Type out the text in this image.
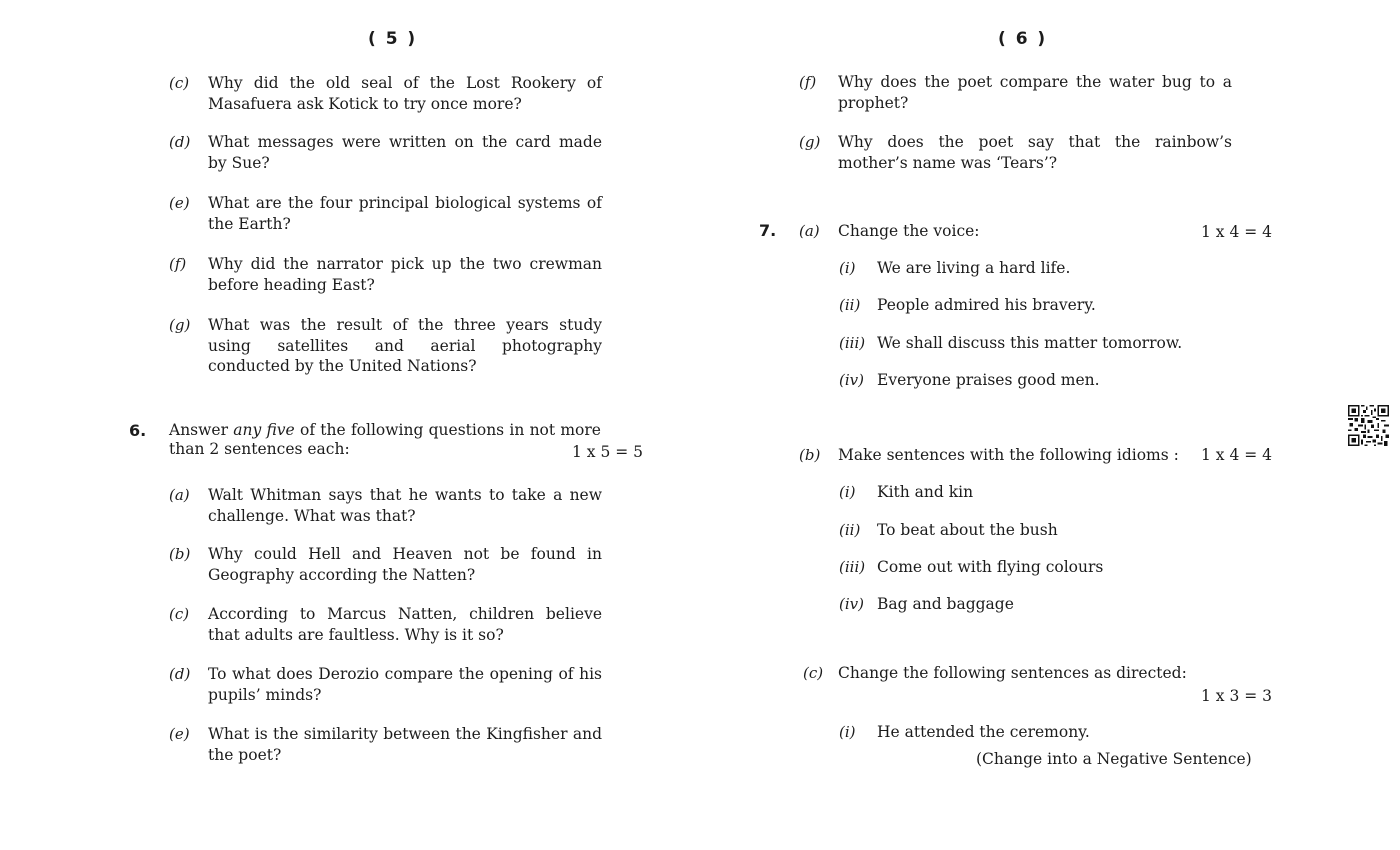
( 5 )
(c) Why did the old seal of the Lost Rookery of Masafuera ask Kotick to try once more?
(d) What messages were written on the card made by Sue?
(e) What are the four principal biological systems of the Earth?
(f) Why did the narrator pick up the two crewman before heading East?
(g) What was the result of the three years study using satellites and aerial photography conducted by the United Nations?
6. Answer any five of the following questions in not more
than 2 sentences each:	1 x 5 = 5
(a) Walt Whitman says that he wants to take a new challenge. What was that?
(b) Why could Hell and Heaven not be found in Geography according the Natten?
(c) According to Marcus Natten, children believe that adults are faultless. Why is it so?
(d) To what does Derozio compare the opening of his pupils’ minds?
(e) What is the similarity between the Kingfisher and the poet?
( 6 )
(f) Why does the poet compare the water bug to a prophet?
(g) Why does the poet say that the rainbow’s mother’s name was ‘Tears’?
7. (a) Change the voice:	1 x 4 = 4
(i) We are living a hard life.
(ii) People admired his bravery.
(iii) We shall discuss this matter tomorrow.
(iv) Everyone praises good men.
(b) Make sentences with the following idioms : 1 x 4 = 4
(i) Kith and kin
(ii) To beat about the bush
(iii) Come out with flying colours
(iv) Bag and baggage
(c) Change the following sentences as directed:
1 x 3 = 3
(i) He attended the ceremony.
(Change into a Negative Sentence)
